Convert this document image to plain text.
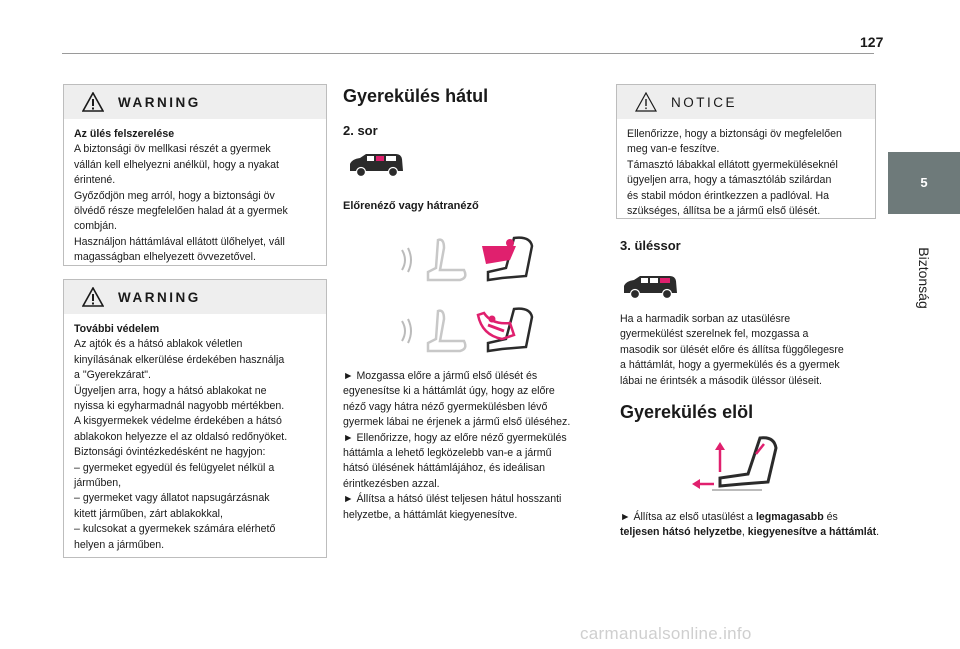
127
5
Biztonság
WARNING

Az ülés felszerelése

A biztonsági öv mellkasi részét a gyermek

vállán kell elhelyezni anélkül, hogy a nyakat

érintené.

Győződjön meg arról, hogy a biztonsági öv

ölvédő része megfelelően halad át a gyermek

combján.

Használjon háttámlával ellátott ülőhelyet, váll

magasságban elhelyezett övvezetővel.

WARNING

További védelem

Az ajtók és a hátsó ablakok véletlen

kinyílásának elkerülése érdekében használja

a "Gyerekzárat".

Ügyeljen arra, hogy a hátsó ablakokat ne

nyissa ki egyharmadnál nagyobb mértékben.

A kisgyermekek védelme érdekében a hátsó

ablakokon helyezze el az oldalsó redőnyöket.

Biztonsági óvintézkedésként ne hagyjon:

– gyermeket egyedül és felügyelet nélkül a

járműben,

– gyermeket vagy állatot napsugárzásnak

kitett járműben, zárt ablakokkal,

– kulcsokat a gyermekek számára elérhető

helyen a járműben.

Gyerekülés hátul
2. sor
Előrenéző vagy hátranéző

► Mozgassa előre a jármű első ülését és

egyenesítse ki a háttámlát úgy, hogy az előre

néző vagy hátra néző gyermekülésben lévő

gyermek lábai ne érjenek a jármű első üléséhez.

► Ellenőrizze, hogy az előre néző gyermekülés

háttámla a lehető legközelebb van-e a jármű

hátsó ülésének háttámlájához, és ideálisan

érintkezésben azzal.

► Állítsa a hátsó ülést teljesen hátul hosszanti

helyzetbe, a háttámlát kiegyenesítve.

NOTICE

Ellenőrizze, hogy a biztonsági öv megfelelően

meg van-e feszítve.

Támasztó lábakkal ellátott gyermeküléseknél

ügyeljen arra, hogy a támasztóláb szilárdan

és stabil módon érintkezzen a padlóval. Ha

szükséges, állítsa be a jármű első ülését.

3. üléssor

Ha a harmadik sorban az utasülésre

gyermekülést szerelnek fel, mozgassa a

masodik sor ülését előre és állítsa függőlegesre

a háttámlát, hogy a gyermekülés és a gyermek

lábai ne érintsék a második üléssor üléseit.

Gyerekülés elöl

► Állítsa az első utasülést a legmagasabb és teljesen hátsó helyzetbe, kiegyenesítve a háttámlát.

carmanualsonline.info
